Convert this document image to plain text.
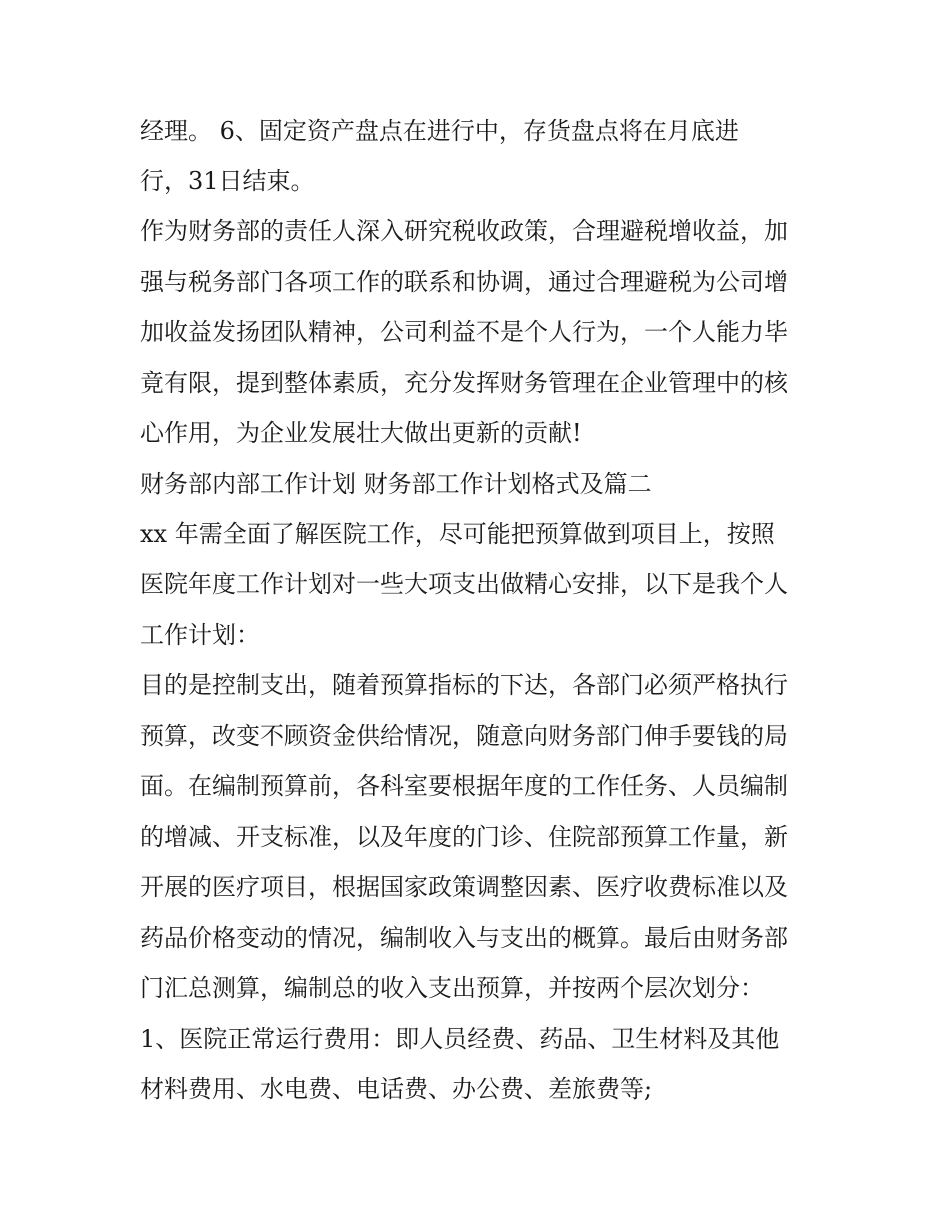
经理。 6、固定资产盘点在进行中，存货盘点将在月底进

行，31日结束。

作为财务部的责任人深入研究税收政策，合理避税增收益，加

强与税务部门各项工作的联系和协调，通过合理避税为公司增

加收益发扬团队精神，公司利益不是个人行为，一个人能力毕

竟有限，提到整体素质，充分发挥财务管理在企业管理中的核

心作用，为企业发展壮大做出更新的贡献!

财务部内部工作计划 财务部工作计划格式及篇二

xx 年需全面了解医院工作，尽可能把预算做到项目上，按照

医院年度工作计划对一些大项支出做精心安排，以下是我个人

工作计划：

目的是控制支出，随着预算指标的下达，各部门必须严格执行

预算，改变不顾资金供给情况，随意向财务部门伸手要钱的局

面。在编制预算前，各科室要根据年度的工作任务、人员编制

的增减、开支标准，以及年度的门诊、住院部预算工作量，新

开展的医疗项目，根据国家政策调整因素、医疗收费标准以及

药品价格变动的情况，编制收入与支出的概算。最后由财务部

门汇总测算，编制总的收入支出预算，并按两个层次划分：

1、医院正常运行费用：即人员经费、药品、卫生材料及其他

材料费用、水电费、电话费、办公费、差旅费等;
